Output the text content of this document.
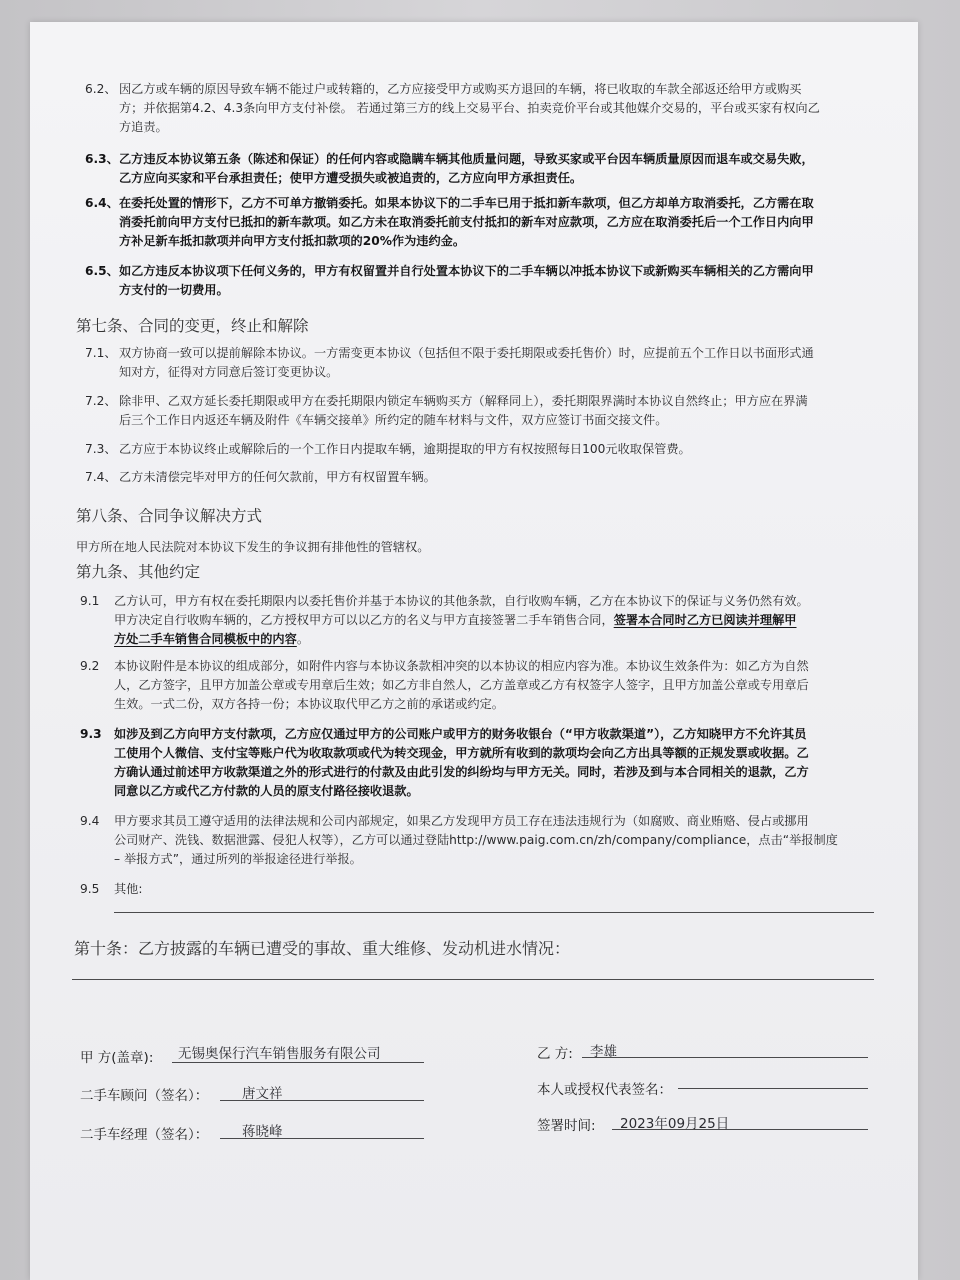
6.2、 因乙方或车辆的原因导致车辆不能过户或转籍的，乙方应接受甲方或购买方退回的车辆，将已收取的车款全部返还给甲方或购买
方；并依据第4.2、4.3条向甲方支付补偿。 若通过第三方的线上交易平台、拍卖竞价平台或其他媒介交易的，平台或买家有权向乙
方追责。
6.3、 乙方违反本协议第五条（陈述和保证）的任何内容或隐瞒车辆其他质量问题，导致买家或平台因车辆质量原因而退车或交易失败，
乙方应向买家和平台承担责任；使甲方遭受损失或被追责的，乙方应向甲方承担责任。
6.4、 在委托处置的情形下，乙方不可单方撤销委托。如果本协议下的二手车已用于抵扣新车款项，但乙方却单方取消委托，乙方需在取
消委托前向甲方支付已抵扣的新车款项。如乙方未在取消委托前支付抵扣的新车对应款项，乙方应在取消委托后一个工作日内向甲
方补足新车抵扣款项并向甲方支付抵扣款项的20%作为违约金。
6.5、 如乙方违反本协议项下任何义务的，甲方有权留置并自行处置本协议下的二手车辆以冲抵本协议下或新购买车辆相关的乙方需向甲
方支付的一切费用。
第七条、合同的变更，终止和解除
7.1、 双方协商一致可以提前解除本协议。一方需变更本协议（包括但不限于委托期限或委托售价）时，应提前五个工作日以书面形式通
知对方，征得对方同意后签订变更协议。
7.2、 除非甲、乙双方延长委托期限或甲方在委托期限内锁定车辆购买方（解释同上），委托期限界满时本协议自然终止；甲方应在界满
后三个工作日内返还车辆及附件《车辆交接单》所约定的随车材料与文件，双方应签订书面交接文件。
7.3、 乙方应于本协议终止或解除后的一个工作日内提取车辆，逾期提取的甲方有权按照每日100元收取保管费。
7.4、 乙方未清偿完毕对甲方的任何欠款前，甲方有权留置车辆。
第八条、合同争议解决方式
甲方所在地人民法院对本协议下发生的争议拥有排他性的管辖权。
第九条、其他约定
9.1 乙方认可，甲方有权在委托期限内以委托售价并基于本协议的其他条款，自行收购车辆，乙方在本协议下的保证与义务仍然有效。
甲方决定自行收购车辆的，乙方授权甲方可以以乙方的名义与甲方直接签署二手车销售合同，签署本合同时乙方已阅读并理解甲
方处二手车销售合同模板中的内容。
9.2 本协议附件是本协议的组成部分，如附件内容与本协议条款相冲突的以本协议的相应内容为准。本协议生效条件为：如乙方为自然
人，乙方签字，且甲方加盖公章或专用章后生效；如乙方非自然人，乙方盖章或乙方有权签字人签字，且甲方加盖公章或专用章后
生效。一式二份，双方各持一份；本协议取代甲乙方之前的承诺或约定。
9.3 如涉及到乙方向甲方支付款项，乙方应仅通过甲方的公司账户或甲方的财务收银台（“甲方收款渠道”），乙方知晓甲方不允许其员
工使用个人微信、支付宝等账户代为收取款项或代为转交现金，甲方就所有收到的款项均会向乙方出具等额的正规发票或收据。乙
方确认通过前述甲方收款渠道之外的形式进行的付款及由此引发的纠纷均与甲方无关。同时，若涉及到与本合同相关的退款，乙方
同意以乙方或代乙方付款的人员的原支付路径接收退款。
9.4 甲方要求其员工遵守适用的法律法规和公司内部规定，如果乙方发现甲方员工存在违法违规行为（如腐败、商业贿赂、侵占或挪用
公司财产、洗钱、数据泄露、侵犯人权等），乙方可以通过登陆http://www.paig.com.cn/zh/company/compliance，点击“举报制度
– 举报方式”，通过所列的举报途径进行举报。
9.5 其他:
第十条：乙方披露的车辆已遭受的事故、重大维修、发动机进水情况：
甲 方(盖章): 无锡奥保行汽车销售服务有限公司
二手车顾问（签名）：	唐文祥
二手车经理（签名）：	蒋晓峰
乙 方: 李雄
本人或授权代表签名：
签署时间: 2023年09月25日
